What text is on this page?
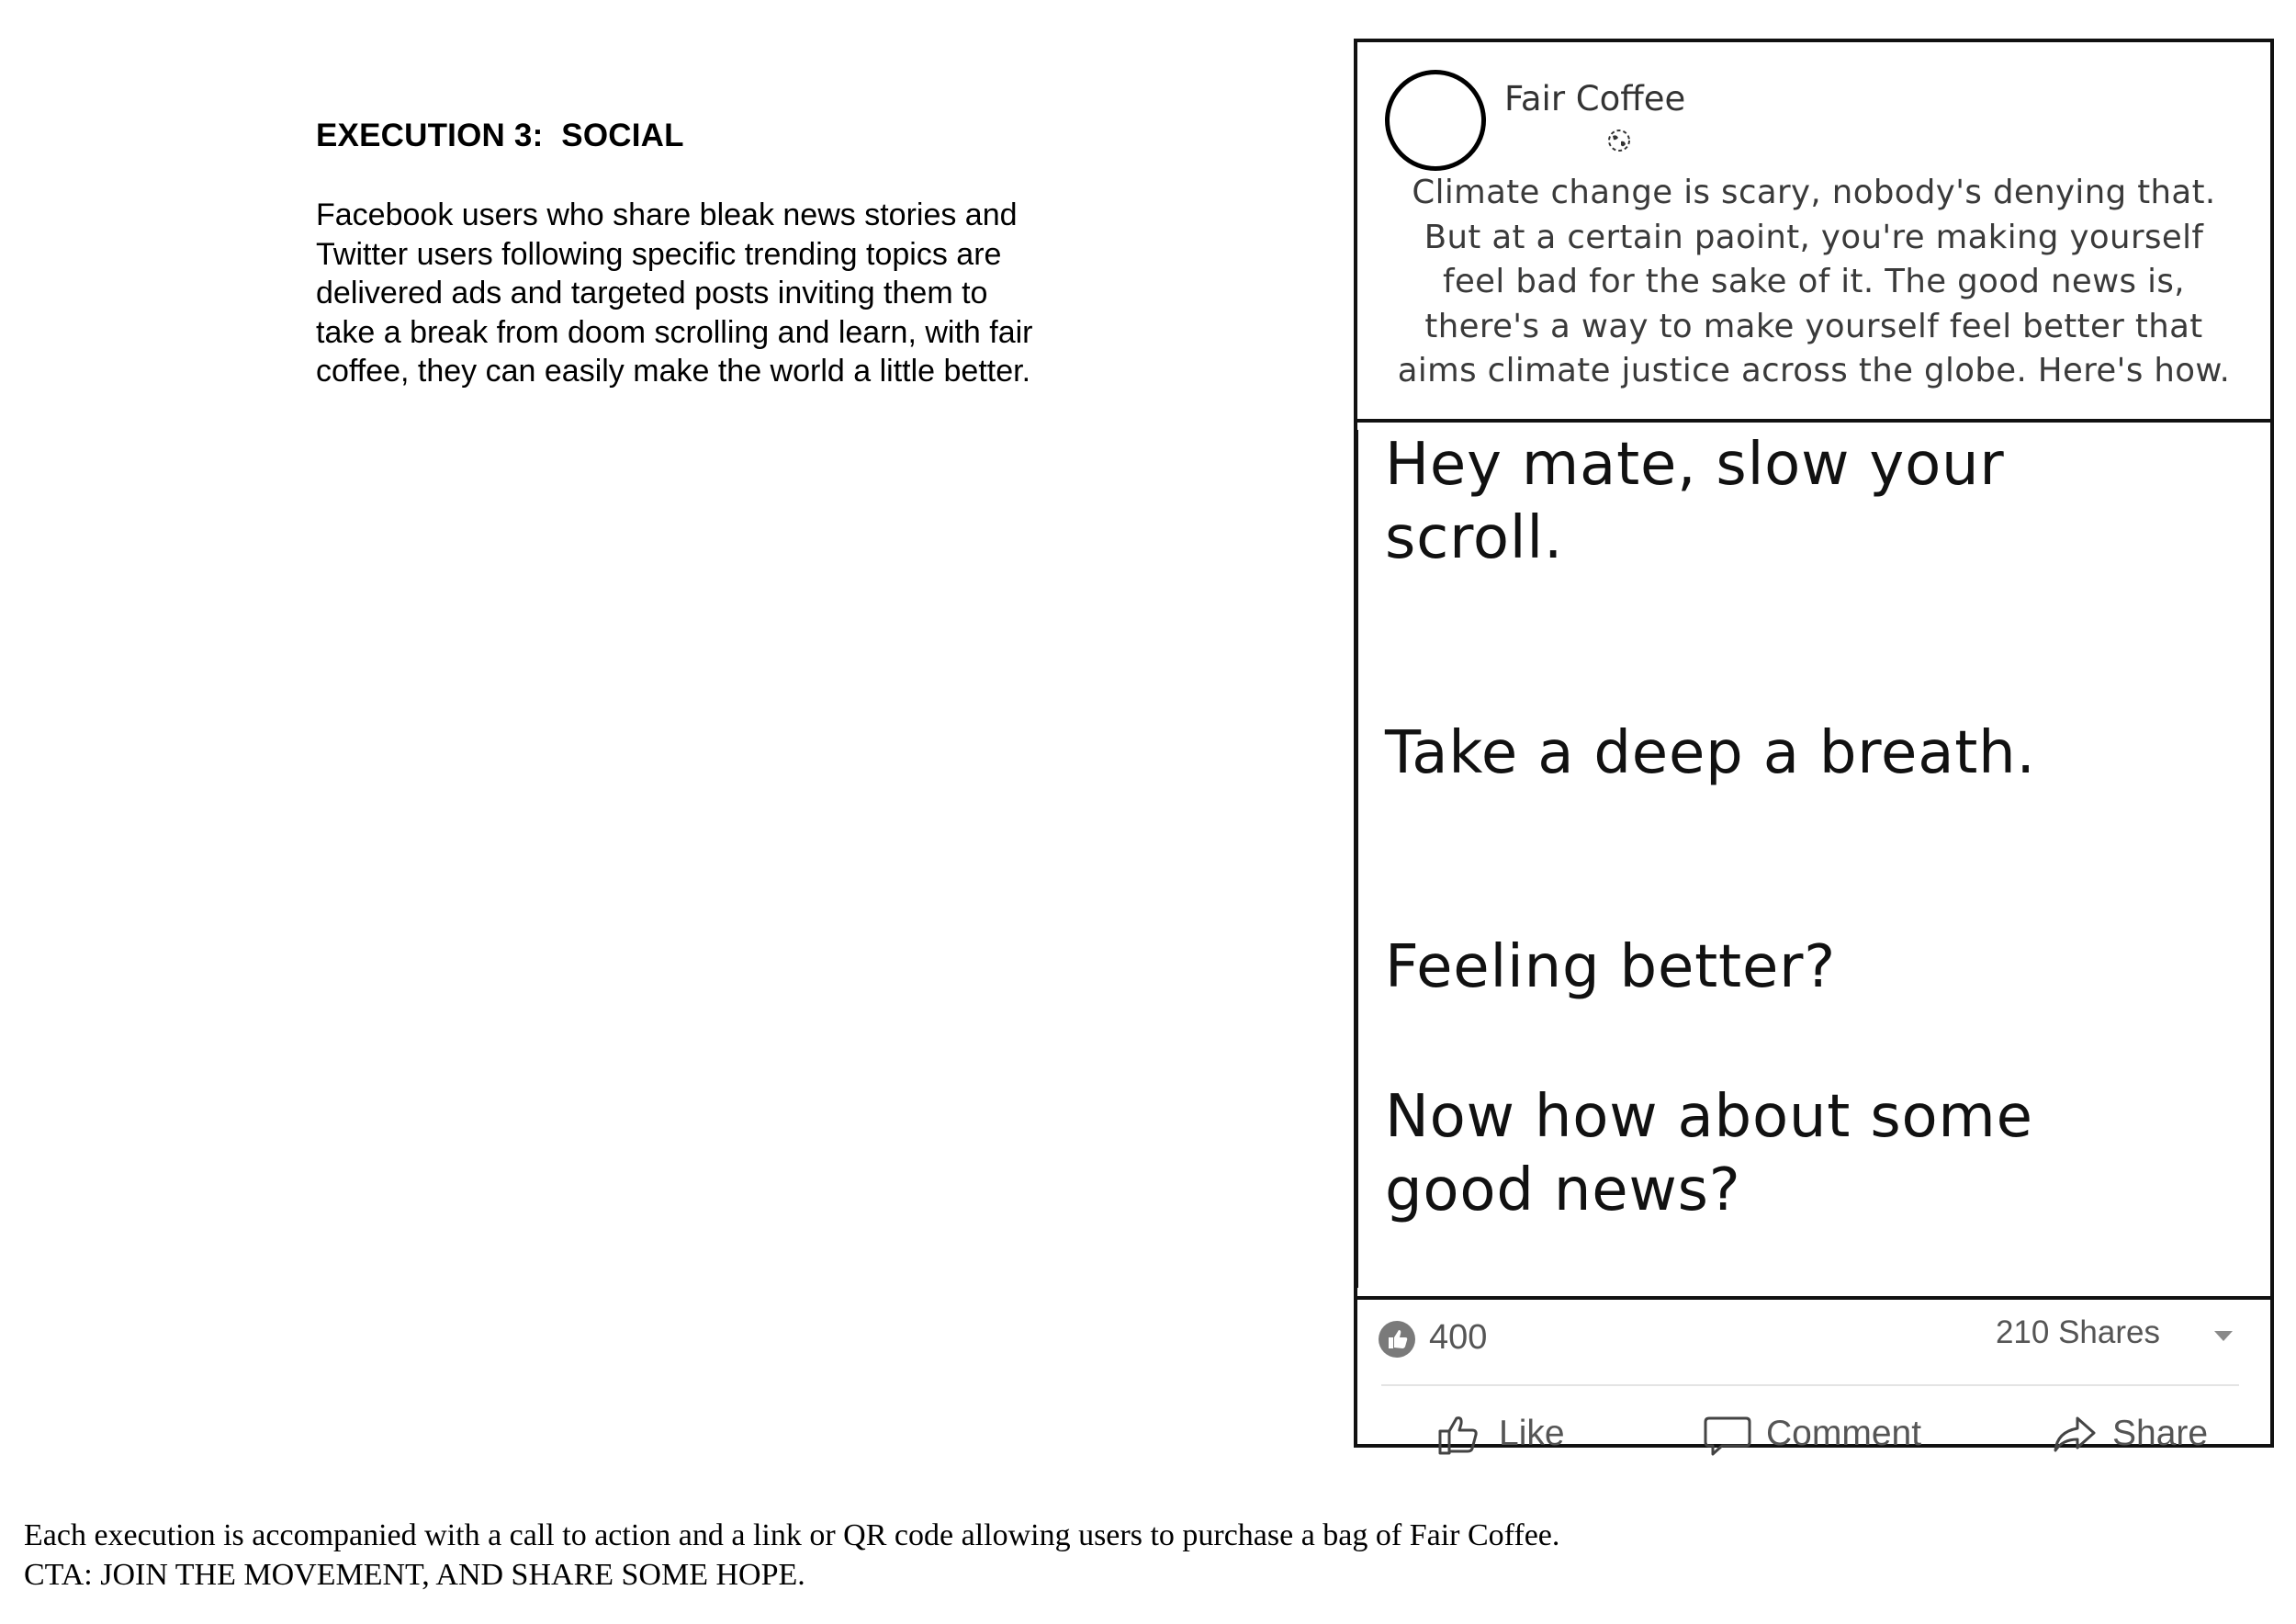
EXECUTION 3:  SOCIAL
Facebook users who share bleak news stories and
Twitter users following specific trending topics are
delivered ads and targeted posts inviting them to
take a break from doom scrolling and learn, with fair
coffee, they can easily make the world a little better.
Fair Coffee
Climate change is scary, nobody's denying that.
But at a certain paoint, you're making yourself
feel bad for the sake of it. The good news is,
there's a way to make yourself feel better that
aims climate justice across the globe. Here's how.
Hey mate, slow your
scroll.
Take a deep a breath.
Feeling better?
Now how about some
good news?
400	210 Shares
Like	Comment	Share
Each execution is accompanied with a call to action and a link or QR code allowing users to purchase a bag of Fair Coffee.
CTA: JOIN THE MOVEMENT, AND SHARE SOME HOPE.
